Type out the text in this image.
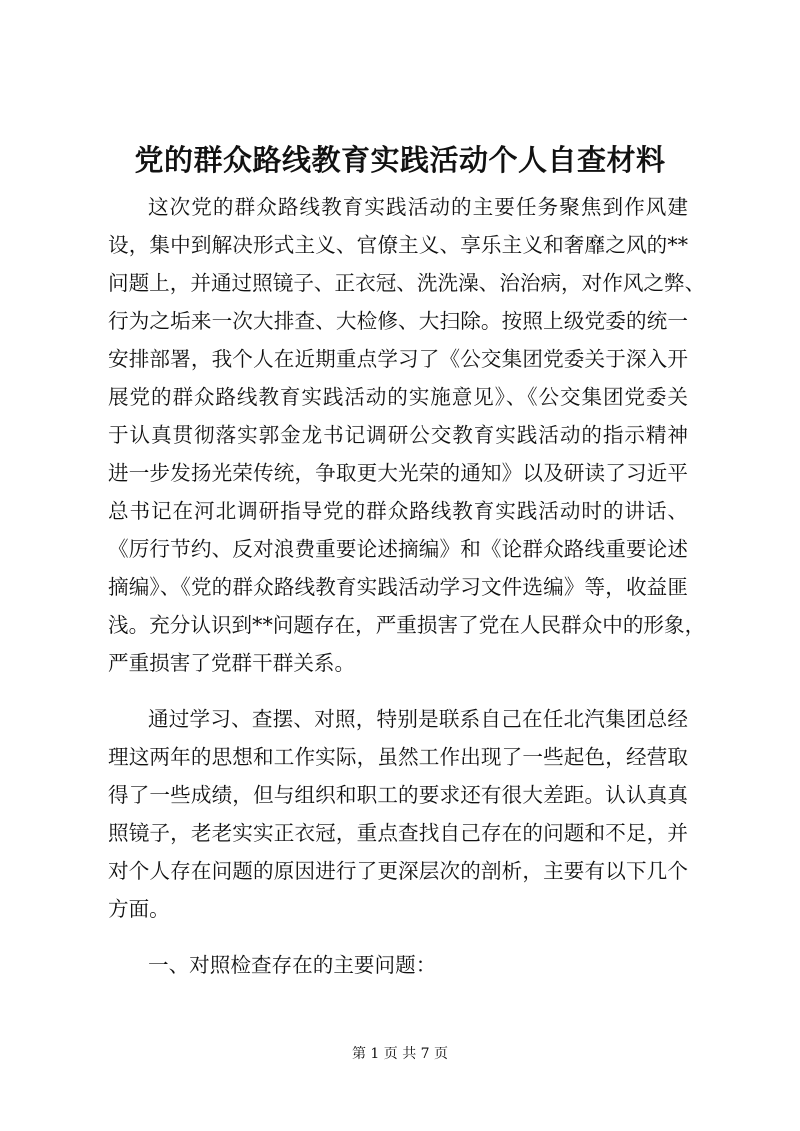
党的群众路线教育实践活动个人自查材料
这次党的群众路线教育实践活动的主要任务聚焦到作风建
设，集中到解决形式主义、官僚主义、享乐主义和奢靡之风的**
问题上，并通过照镜子、正衣冠、洗洗澡、治治病，对作风之弊、
行为之垢来一次大排查、大检修、大扫除。按照上级党委的统一
安排部署，我个人在近期重点学习了《公交集团党委关于深入开
展党的群众路线教育实践活动的实施意见》、《公交集团党委关
于认真贯彻落实郭金龙书记调研公交教育实践活动的指示精神
进一步发扬光荣传统，争取更大光荣的通知》以及研读了习近平
总书记在河北调研指导党的群众路线教育实践活动时的讲话、
《厉行节约、反对浪费重要论述摘编》和《论群众路线重要论述
摘编》、《党的群众路线教育实践活动学习文件选编》等，收益匪
浅。充分认识到**问题存在，严重损害了党在人民群众中的形象，
严重损害了党群干群关系。
通过学习、查摆、对照，特别是联系自己在任北汽集团总经
理这两年的思想和工作实际，虽然工作出现了一些起色，经营取
得了一些成绩，但与组织和职工的要求还有很大差距。认认真真
照镜子，老老实实正衣冠，重点查找自己存在的问题和不足，并
对个人存在问题的原因进行了更深层次的剖析，主要有以下几个
方面。
一、对照检查存在的主要问题：
第 1 页 共 7 页
